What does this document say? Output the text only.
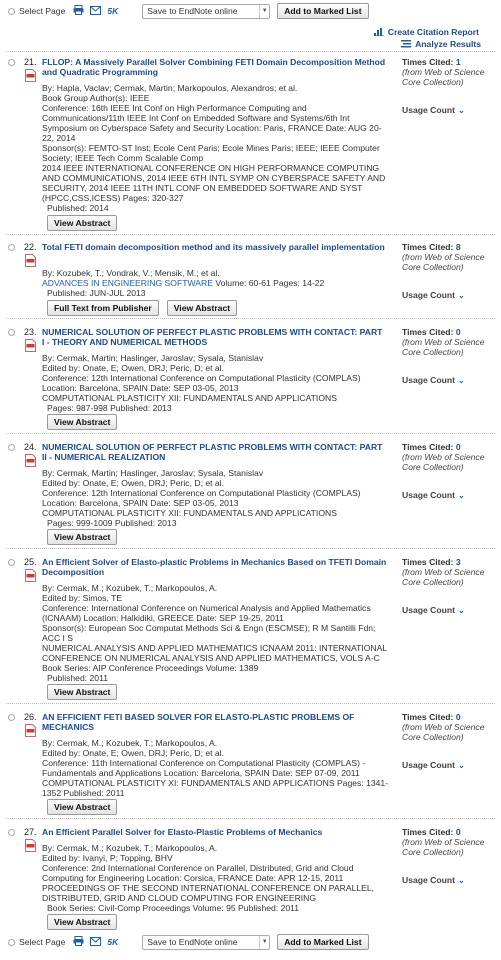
Select Page	5K	Save to EndNote online	▼	Add to Marked List
Create Citation Report
Analyze Results
21. FLLOP: A Massively Parallel Solver Combining FETI Domain Decomposition Method and Quadratic Programming
By: Hapla, Vaclav; Cermak, Martin; Markopoulos, Alexandros; et al.
Book Group Author(s): IEEE
Conference: 16th IEEE Int Conf on High Performance Computing and Communications/11th IEEE Int Conf on Embedded Software and Systems/6th Int Symposium on Cyberspace Safety and Security Location: Paris, FRANCE Date: AUG 20-22, 2014
Sponsor(s): FEMTO-ST Inst; Ecole Cent Paris; Ecole Mines Paris; IEEE; IEEE Computer Society; IEEE Tech Comm Scalable Comp
2014 IEEE INTERNATIONAL CONFERENCE ON HIGH PERFORMANCE COMPUTING AND COMMUNICATIONS, 2014 IEEE 6TH INTL SYMP ON CYBERSPACE SAFETY AND SECURITY, 2014 IEEE 11TH INTL CONF ON EMBEDDED SOFTWARE AND SYST (HPCC,CSS,ICESS) Pages: 320-327
Published: 2014
View Abstract
Times Cited: 1
(from Web of Science Core Collection)
Usage Count ⌄
22. Total FETI domain decomposition method and its massively parallel implementation
By: Kozubek, T.; Vondrak, V.; Mensik, M.; et al.
ADVANCES IN ENGINEERING SOFTWARE Volume: 60-61 Pages: 14-22
Published: JUN-JUL 2013
Full Text from Publisher	View Abstract
Times Cited: 8
(from Web of Science Core Collection)
Usage Count ⌄
23. NUMERICAL SOLUTION OF PERFECT PLASTIC PROBLEMS WITH CONTACT: PART I - THEORY AND NUMERICAL METHODS
By: Cermak, Martin; Haslinger, Jaroslav; Sysala, Stanislav
Edited by: Onate, E; Owen, DRJ; Peric, D; et al.
Conference: 12th International Conference on Computational Plasticity (COMPLAS) Location: Barcelona, SPAIN Date: SEP 03-05, 2013
COMPUTATIONAL PLASTICITY XII: FUNDAMENTALS AND APPLICATIONS
Pages: 987-998 Published: 2013
View Abstract
Times Cited: 0
(from Web of Science Core Collection)
Usage Count ⌄
24. NUMERICAL SOLUTION OF PERFECT PLASTIC PROBLEMS WITH CONTACT: PART II - NUMERICAL REALIZATION
By: Cermak, Martin; Haslinger, Jaroslav; Sysala, Stanislav
Edited by: Onate, E; Owen, DRJ; Peric, D; et al.
Conference: 12th International Conference on Computational Plasticity (COMPLAS) Location: Barcelona, SPAIN Date: SEP 03-05, 2013
COMPUTATIONAL PLASTICITY XII: FUNDAMENTALS AND APPLICATIONS
Pages: 999-1009 Published: 2013
View Abstract
Times Cited: 0
(from Web of Science Core Collection)
Usage Count ⌄
25. An Efficient Solver of Elasto-plastic Problems in Mechanics Based on TFETI Domain Decomposition
By: Cermak, M.; Kozubek, T.; Markopoulos, A.
Edited by: Simos, TE
Conference: International Conference on Numerical Analysis and Applied Mathematics (ICNAAM) Location: Halkidiki, GREECE Date: SEP 19-25, 2011
Sponsor(s): European Soc Computat Methods Sci & Engn (ESCMSE); R M Santilli Fdn; ACC I S
NUMERICAL ANALYSIS AND APPLIED MATHEMATICS ICNAAM 2011: INTERNATIONAL CONFERENCE ON NUMERICAL ANALYSIS AND APPLIED MATHEMATICS, VOLS A-C Book Series: AIP Conference Proceedings Volume: 1389
Published: 2011
View Abstract
Times Cited: 3
(from Web of Science Core Collection)
Usage Count ⌄
26. AN EFFICIENT FETI BASED SOLVER FOR ELASTO-PLASTIC PROBLEMS OF MECHANICS
By: Cermak, M.; Kozubek, T.; Markopoulos, A.
Edited by: Onate, E; Owen, DRJ; Peric, D; et al.
Conference: 11th International Conference on Computational Plasticity (COMPLAS) - Fundamentals and Applications Location: Barcelona, SPAIN Date: SEP 07-09, 2011
COMPUTATIONAL PLASTICITY XI: FUNDAMENTALS AND APPLICATIONS Pages: 1341-1352 Published: 2011
View Abstract
Times Cited: 0
(from Web of Science Core Collection)
Usage Count ⌄
27. An Efficient Parallel Solver for Elasto-Plastic Problems of Mechanics
By: Cermak, M.; Kozubek, T.; Markopoulos, A.
Edited by: Ivanyi, P; Topping, BHV
Conference: 2nd International Conference on Parallel, Distributed, Grid and Cloud Computing for Engineering Location: Corsica, FRANCE Date: APR 12-15, 2011
PROCEEDINGS OF THE SECOND INTERNATIONAL CONFERENCE ON PARALLEL, DISTRIBUTED, GRID AND CLOUD COMPUTING FOR ENGINEERING
Book Series: Civil-Comp Proceedings Volume: 95 Published: 2011
View Abstract
Times Cited: 0
(from Web of Science Core Collection)
Usage Count ⌄
Select Page	5K	Save to EndNote online	▼	Add to Marked List
